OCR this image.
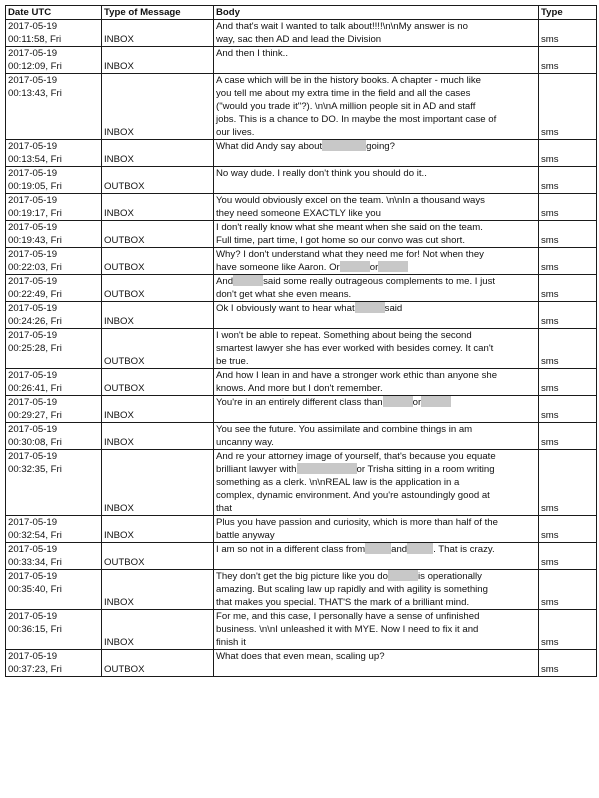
Date UTC	Type of Message	Body	Type

2017-05-19
00:11:58, Fri	INBOX	And that's wait I wanted to talk about!!!!\n\nMy answer is no
way, sac then AD and lead the Division	sms

2017-05-19
00:12:09, Fri	INBOX	And then I think..	sms

2017-05-19
00:13:43, Fri	INBOX	A case which will be in the history books. A chapter - much like
you tell me about my extra time in the field and all the cases
("would you trade it"?). \n\nA million people sit in AD and staff
jobs. This is a chance to DO. In maybe the most important case of
our lives.	sms

2017-05-19
00:13:54, Fri	INBOX	What did Andy say about going?	sms

2017-05-19
00:19:05, Fri	OUTBOX	No way dude. I really don't think you should do it..	sms

2017-05-19
00:19:17, Fri	INBOX	You would obviously excel on the team. \n\nIn a thousand ways
they need someone EXACTLY like you	sms

2017-05-19
00:19:43, Fri	OUTBOX	I don't really know what she meant when she said on the team.
Full time, part time, I got home so our convo was cut short.	sms

2017-05-19
00:22:03, Fri	OUTBOX	Why? I don't understand what they need me for! Not when they
have someone like Aaron. Or or	sms

2017-05-19
00:22:49, Fri	OUTBOX	And said some really outrageous complements to me. I just
don't get what she even means.	sms

2017-05-19
00:24:26, Fri	INBOX	Ok I obviously want to hear what said	sms

2017-05-19
00:25:28, Fri	OUTBOX	I won't be able to repeat. Something about being the second
smartest lawyer she has ever worked with besides comey. It can't
be true.	sms

2017-05-19
00:26:41, Fri	OUTBOX	And how I lean in and have a stronger work ethic than anyone she
knows. And more but I don't remember.	sms

2017-05-19
00:29:27, Fri	INBOX	You're in an entirely different class than or	sms

2017-05-19
00:30:08, Fri	INBOX	You see the future. You assimilate and combine things in am
uncanny way.	sms

2017-05-19
00:32:35, Fri	INBOX	And re your attorney image of yourself, that's because you equate
brilliant lawyer with or Trisha sitting in a room writing
something as a clerk. \n\nREAL law is the application in a
complex, dynamic environment. And you're astoundingly good at
that	sms

2017-05-19
00:32:54, Fri	INBOX	Plus you have passion and curiosity, which is more than half of the
battle anyway	sms

2017-05-19
00:33:34, Fri	OUTBOX	I am so not in a different class from and . That is crazy.	sms

2017-05-19
00:35:40, Fri	INBOX	They don't get the big picture like you do is operationally
amazing. But scaling law up rapidly and with agility is something
that makes you special. THAT'S the mark of a brilliant mind.	sms

2017-05-19
00:36:15, Fri	INBOX	For me, and this case, I personally have a sense of unfinished
business. \n\nI unleashed it with MYE. Now I need to fix it and
finish it	sms

2017-05-19
00:37:23, Fri	OUTBOX	What does that even mean, scaling up?	sms
